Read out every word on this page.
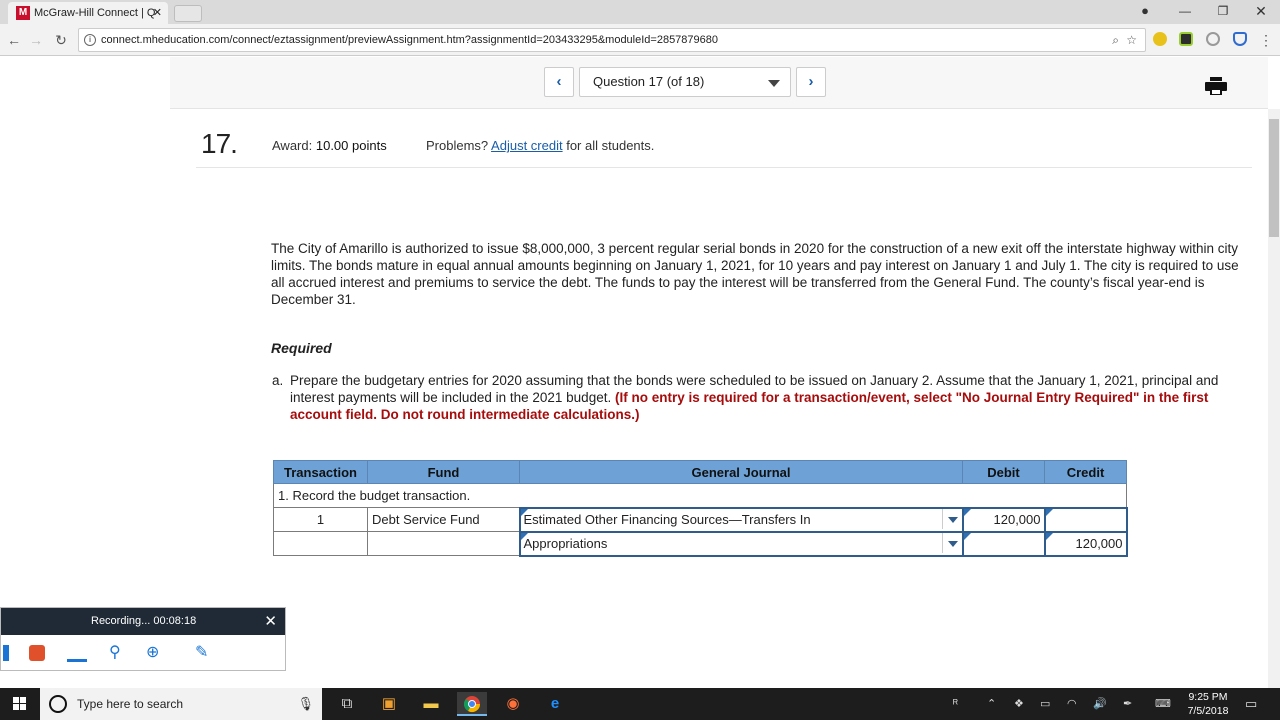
M McGraw-Hill Connect | Q
✕	●	—	❐	✕
← → ↻	i connect.mheducation.com/connect/eztassignment/previewAssignment.htm?assignmentId=203433295&moduleId=2857879680	⌕ ☆	⋮
‹	Question 17 (of 18)	›
17.	Award: 10.00 points	Problems? Adjust credit for all students.
The City of Amarillo is authorized to issue $8,000,000, 3 percent regular serial bonds in 2020 for the construction of a new exit off the interstate highway within city limits. The bonds mature in equal annual amounts beginning on January 1, 2021, for 10 years and pay interest on January 1 and July 1. The city is required to use all accrued interest and premiums to service the debt. The funds to pay the interest will be transferred from the General Fund. The county’s fiscal year-end is December 31.
Required
a. Prepare the budgetary entries for 2020 assuming that the bonds were scheduled to be issued on January 2. Assume that the January 1, 2021, principal and interest payments will be included in the 2021 budget. (If no entry is required for a transaction/event, select "No Journal Entry Required" in the first account field. Do not round intermediate calculations.)
Transaction	Fund	General Journal	Debit	Credit
1. Record the budget transaction.				
1	Debt Service Fund	Estimated Other Financing Sources—Transfers In	120,000	

		Appropriations		120,000
Recording... 00:08:18	✕
⚲ ⊕ ✎
Type here to search	🎙	⧉	▣	▬	◉	e	ᴿ	⌃ ❖ ▭ ◠ 🔊 ✒ ⌨
9:25 PM
7/5/2018	▭
